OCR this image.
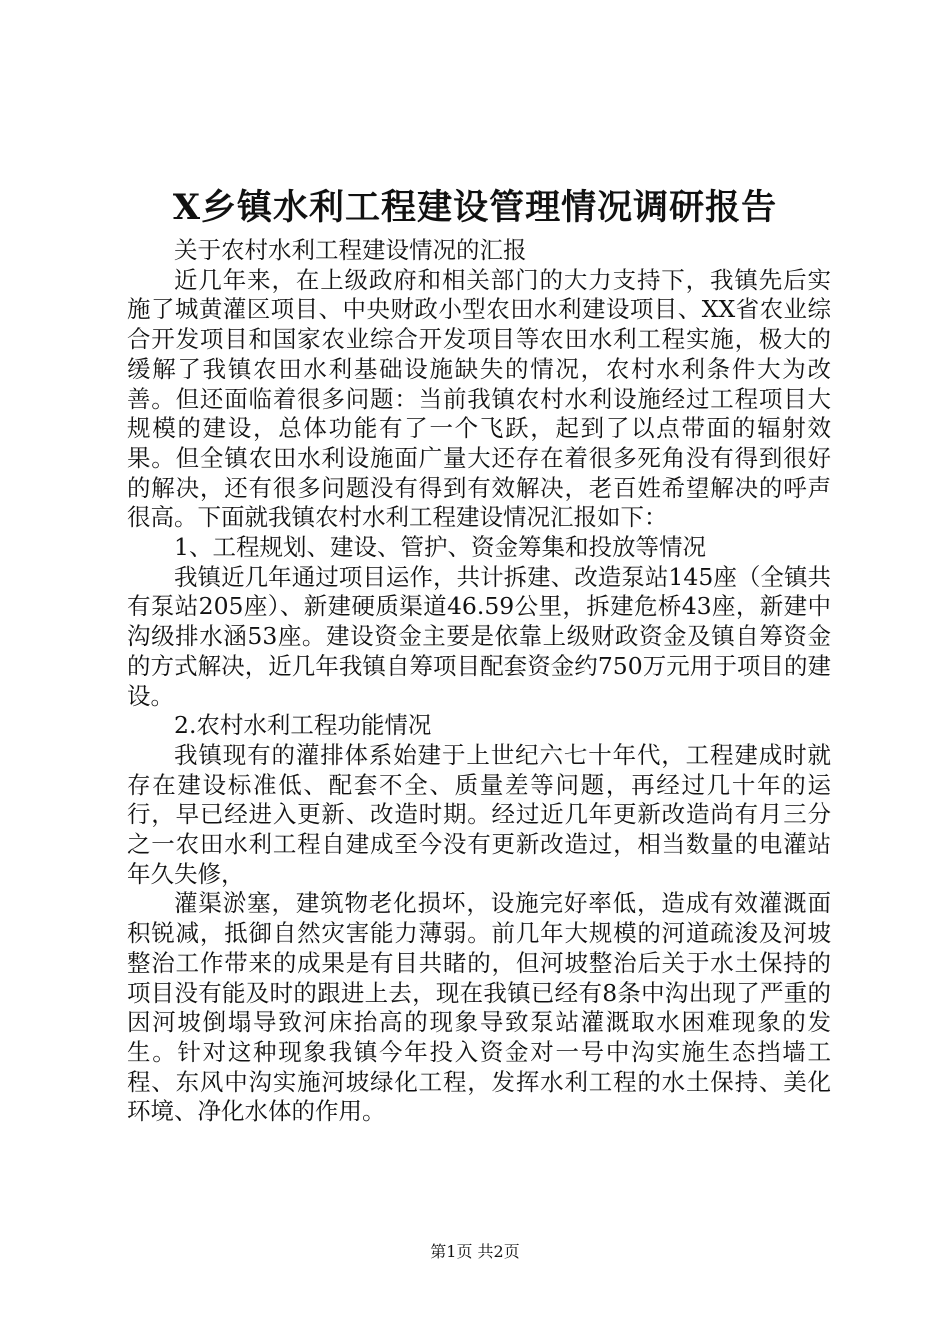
X乡镇水利工程建设管理情况调研报告

关于农村水利工程建设情况的汇报

近几年来，在上级政府和相关部门的大力支持下，我镇先后实施了城黄灌区项目、中央财政小型农田水利建设项目、XX省农业综合开发项目和国家农业综合开发项目等农田水利工程实施，极大的缓解了我镇农田水利基础设施缺失的情况，农村水利条件大为改善。但还面临着很多问题：当前我镇农村水利设施经过工程项目大规模的建设，总体功能有了一个飞跃，起到了以点带面的辐射效果。但全镇农田水利设施面广量大还存在着很多死角没有得到很好的解决，还有很多问题没有得到有效解决，老百姓希望解决的呼声很高。下面就我镇农村水利工程建设情况汇报如下：

1、工程规划、建设、管护、资金筹集和投放等情况

我镇近几年通过项目运作，共计拆建、改造泵站145座（全镇共有泵站205座）、新建硬质渠道46.59公里，拆建危桥43座，新建中沟级排水涵53座。建设资金主要是依靠上级财政资金及镇自筹资金的方式解决，近几年我镇自筹项目配套资金约750万元用于项目的建设。

2.农村水利工程功能情况

我镇现有的灌排体系始建于上世纪六七十年代，工程建成时就存在建设标准低、配套不全、质量差等问题，再经过几十年的运行，早已经进入更新、改造时期。经过近几年更新改造尚有月三分之一农田水利工程自建成至今没有更新改造过，相当数量的电灌站年久失修，

灌渠淤塞，建筑物老化损坏，设施完好率低，造成有效灌溉面积锐减，抵御自然灾害能力薄弱。前几年大规模的河道疏浚及河坡整治工作带来的成果是有目共睹的，但河坡整治后关于水土保持的项目没有能及时的跟进上去，现在我镇已经有8条中沟出现了严重的因河坡倒塌导致河床抬高的现象导致泵站灌溉取水困难现象的发生。针对这种现象我镇今年投入资金对一号中沟实施生态挡墙工程、东风中沟实施河坡绿化工程，发挥水利工程的水土保持、美化环境、净化水体的作用。

第1页 共2页
